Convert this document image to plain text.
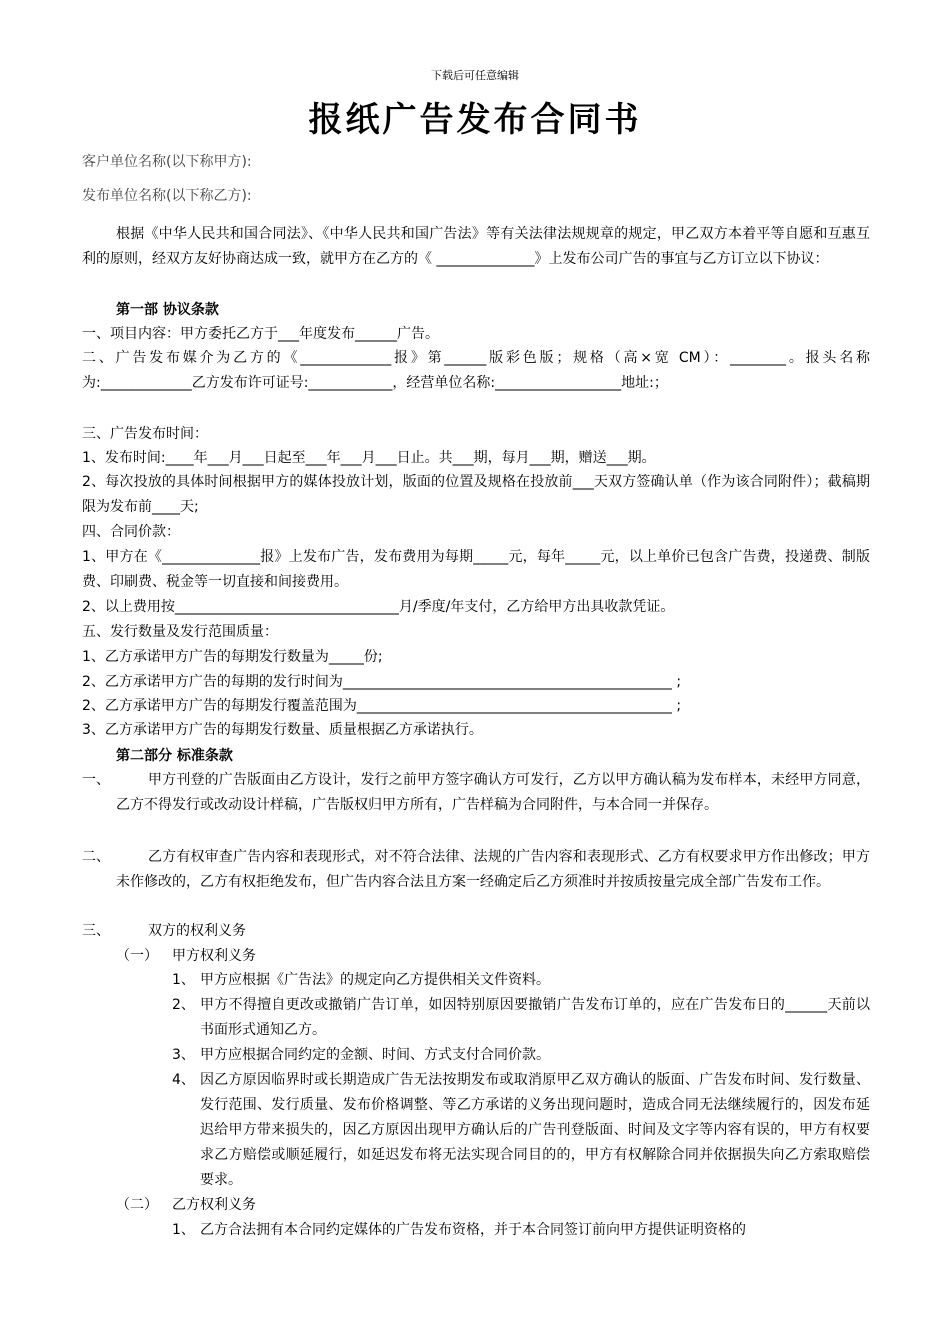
下载后可任意编辑
报纸广告发布合同书
客户单位名称(以下称甲方):
发布单位名称(以下称乙方):
根据《中华人民共和国合同法》、《中华人民共和国广告法》等有关法律法规规章的规定，甲乙双方本着平等自愿和互惠互利的原则，经双方友好协商达成一致，就甲方在乙方的《 ______________》上发布公司广告的事宜与乙方订立以下协议：
第一部 协议条款
一、项目内容：甲方委托乙方于___年度发布______广告。
二、广告发布媒介为乙方的《_____________报》第______版彩色版；规格（高×宽 CM）：________。报头名称为:_____________乙方发布许可证号:____________，经营单位名称:__________________地址:；
三、广告发布时间：
1、发布时间:____年___月___日起至___年___月___日止。共___期，每月___期，赠送___期。
2、每次投放的具体时间根据甲方的媒体投放计划，版面的位置及规格在投放前___天双方签确认单（作为该合同附件）；截稿期限为发布前____天;
四、合同价款：
1、甲方在《______________报》上发布广告，发布费用为每期_____元，每年_____元，以上单价已包含广告费，投递费、制版费、印刷费、税金等一切直接和间接费用。
2、以上费用按________________________________月/季度/年支付，乙方给甲方出具收款凭证。
五、发行数量及发行范围质量：
1、乙方承诺甲方广告的每期发行数量为_____份;
2、乙方承诺甲方广告的每期的发行时间为_______________________________________________ ;
2、乙方承诺甲方广告的每期发行覆盖范围为_____________________________________________ ;
3、乙方承诺甲方广告的每期发行数量、质量根据乙方承诺执行。
第二部分 标准条款
一、	甲方刊登的广告版面由乙方设计，发行之前甲方签字确认方可发行，乙方以甲方确认稿为发布样本，未经甲方同意，乙方不得发行或改动设计样稿，广告版权归甲方所有，广告样稿为合同附件，与本合同一并保存。
二、	乙方有权审查广告内容和表现形式，对不符合法律、法规的广告内容和表现形式、乙方有权要求甲方作出修改；甲方未作修改的，乙方有权拒绝发布，但广告内容合法且方案一经确定后乙方须准时并按质按量完成全部广告发布工作。
三、	双方的权利义务
（一） 甲方权利义务
1、 甲方应根据《广告法》的规定向乙方提供相关文件资料。
2、 甲方不得擅自更改或撤销广告订单，如因特别原因要撤销广告发布订单的，应在广告发布日的______天前以书面形式通知乙方。
3、 甲方应根据合同约定的金额、时间、方式支付合同价款。
4、 因乙方原因临界时或长期造成广告无法按期发布或取消原甲乙双方确认的版面、广告发布时间、发行数量、发行范围、发行质量、发布价格调整、等乙方承诺的义务出现问题时，造成合同无法继续履行的，因发布延迟给甲方带来损失的，因乙方原因出现甲方确认后的广告刊登版面、时间及文字等内容有误的，甲方有权要求乙方赔偿或顺延履行，如延迟发布将无法实现合同目的的，甲方有权解除合同并依据损失向乙方索取赔偿要求。
（二） 乙方权利义务
1、 乙方合法拥有本合同约定媒体的广告发布资格，并于本合同签订前向甲方提供证明资格的
